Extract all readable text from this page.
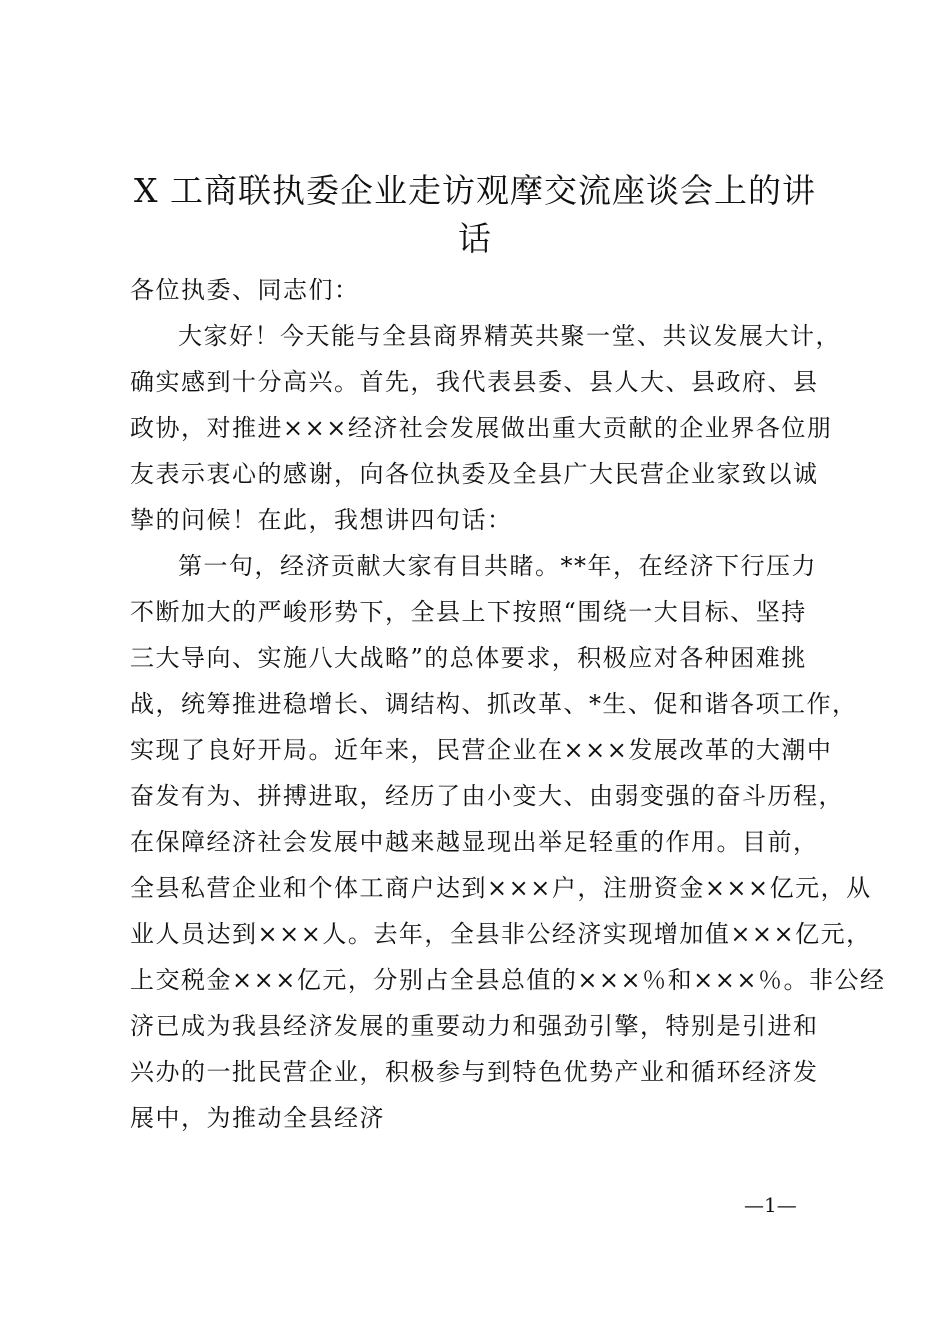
X 工商联执委企业走访观摩交流座谈会上的讲
话
各位执委、同志们：
大家好！今天能与全县商界精英共聚一堂、共议发展大计，
确实感到十分高兴。首先，我代表县委、县人大、县政府、县
政协，对推进×××经济社会发展做出重大贡献的企业界各位朋
友表示衷心的感谢，向各位执委及全县广大民营企业家致以诚
挚的问候！在此，我想讲四句话：
第一句，经济贡献大家有目共睹。**年，在经济下行压力
不断加大的严峻形势下，全县上下按照“围绕一大目标、坚持
三大导向、实施八大战略”的总体要求，积极应对各种困难挑
战，统筹推进稳增长、调结构、抓改革、*生、促和谐各项工作，
实现了良好开局。近年来，民营企业在×××发展改革的大潮中
奋发有为、拼搏进取，经历了由小变大、由弱变强的奋斗历程，
在保障经济社会发展中越来越显现出举足轻重的作用。目前，
全县私营企业和个体工商户达到×××户，注册资金×××亿元，从
业人员达到×××人。去年，全县非公经济实现增加值×××亿元，
上交税金×××亿元，分别占全县总值的×××％和×××％。非公经
济已成为我县经济发展的重要动力和强劲引擎，特别是引进和
兴办的一批民营企业，积极参与到特色优势产业和循环经济发
展中，为推动全县经济
—1—
